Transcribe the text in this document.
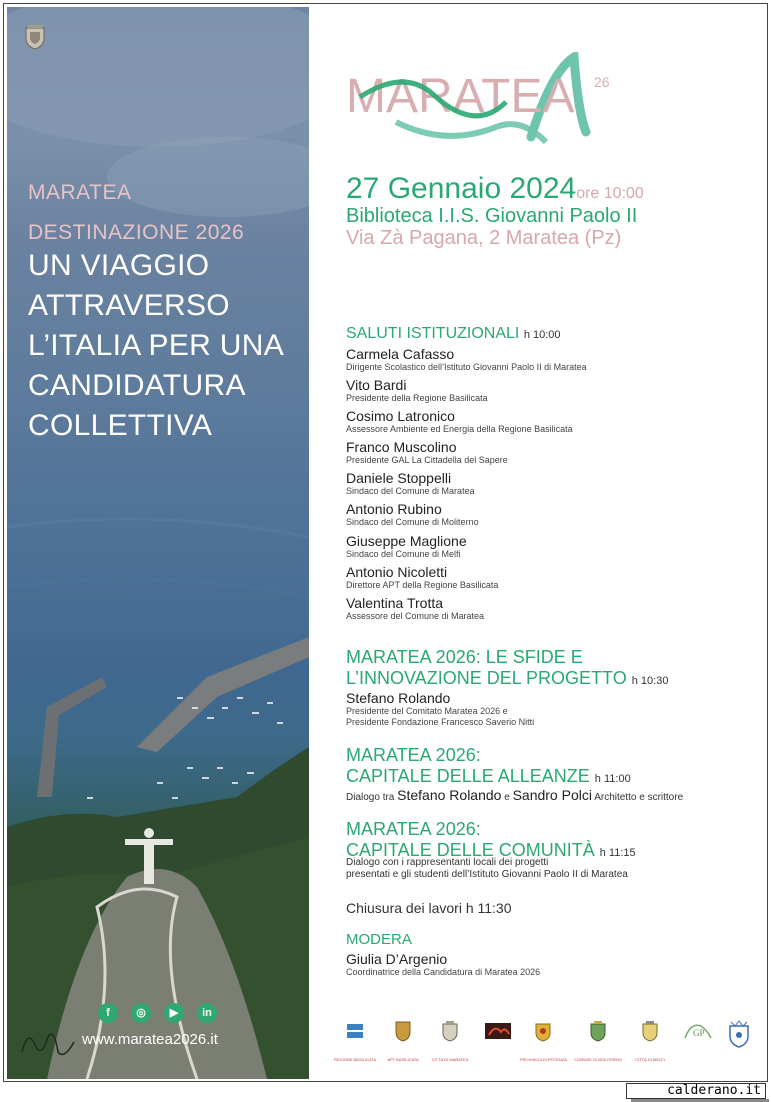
MARATEA
DESTINAZIONE 2026
UN VIAGGIO
ATTRAVERSO
L’ITALIA PER UNA
CANDIDATURA
COLLETTIVA
f	◎	▶	in
www.maratea2026.it
MARATEA 26
27 Gennaio 2024ore 10:00
Biblioteca I.I.S. Giovanni Paolo II
Via Zà Pagana, 2 Maratea (Pz)
SALUTI ISTITUZIONALI h 10:00
Carmela Cafasso
Dirigente Scolastico dell’Istituto Giovanni Paolo II di Maratea
Vito Bardi
Presidente della Regione Basilicata
Cosimo Latronico
Assessore Ambiente ed Energia della Regione Basilicata
Franco Muscolino
Presidente GAL La Cittadella del Sapere
Daniele Stoppelli
Sindaco del Comune di Maratea
Antonio Rubino
Sindaco del Comune di Moliterno
Giuseppe Maglione
Sindaco del Comune di Melfi
Antonio Nicoletti
Direttore APT della Regione Basilicata
Valentina Trotta
Assessore del Comune di Maratea
MARATEA 2026: LE SFIDE E
L’INNOVAZIONE DEL PROGETTO h 10:30
Stefano Rolando
Presidente del Comitato Maratea 2026 e
Presidente Fondazione Francesco Saverio Nitti
MARATEA 2026:
CAPITALE DELLE ALLEANZE h 11:00
Dialogo tra Stefano Rolando e Sandro Polci Architetto e scrittore
MARATEA 2026:
CAPITALE DELLE COMUNITÀ h 11:15
Dialogo con i rappresentanti locali dei progetti
presentati e gli studenti dell’Istituto Giovanni Paolo II di Maratea
Chiusura dei lavori h 11:30
MODERA
Giulia D’Argenio
Coordinatrice della Candidatura di Maratea 2026
REGIONE BASILICATA	APT BASILICATA	CITTÀ DI MARATEA	PROVINCIA DI POTENZA COMUNE DI MOLITERNO	CITTÀ DI MELFI
GP
calderano.it
